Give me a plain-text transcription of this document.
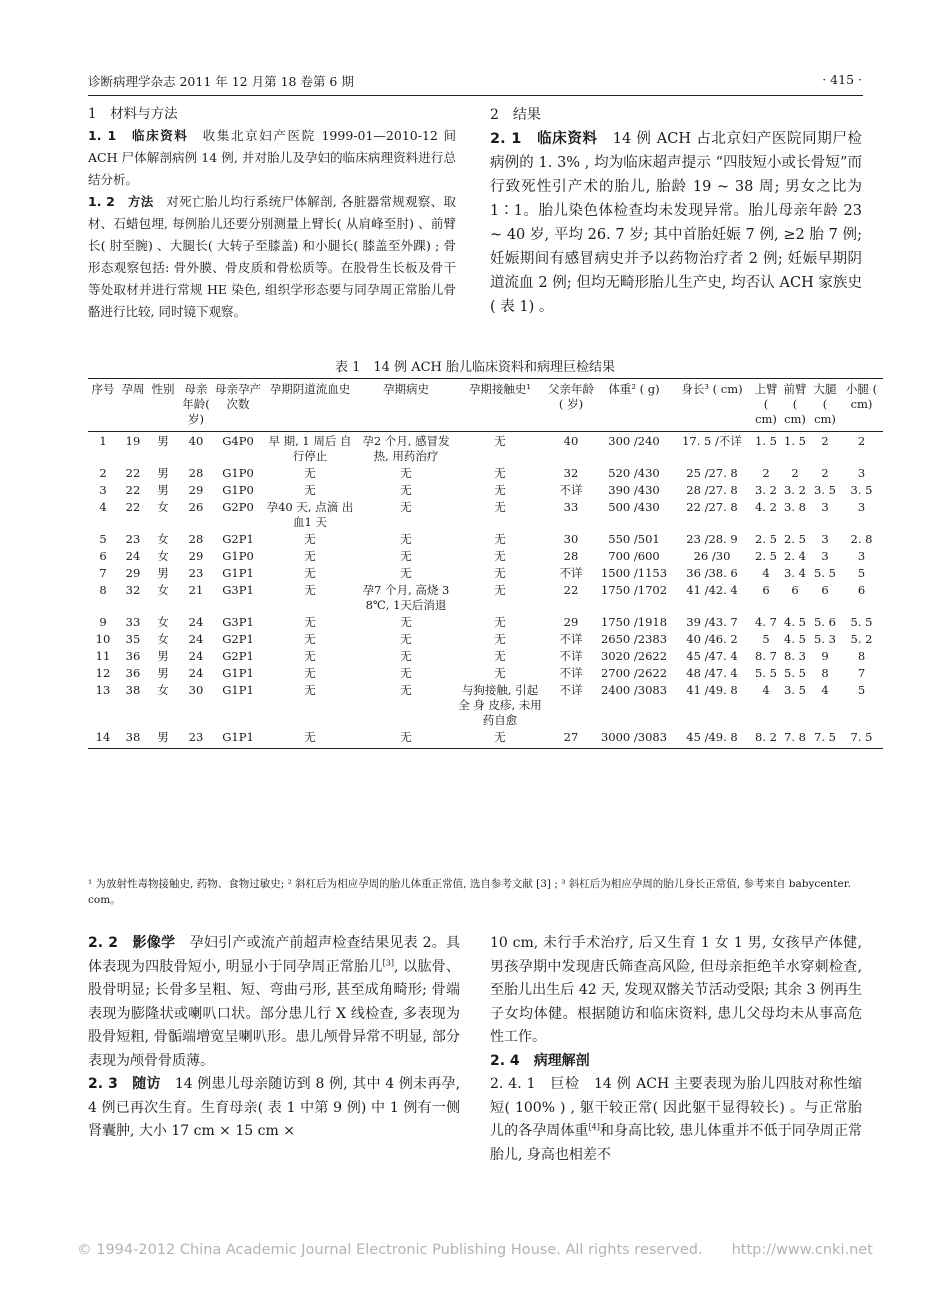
诊断病理学杂志 2011 年 12 月第 18 卷第 6 期	· 415 ·

1　材料与方法

1. 1　 临床资料　 收集北京妇产医院 1999-01—2010-12 间 ACH 尸体解剖病例 14 例, 并对胎儿及孕妇的临床病理资料进行总结分析。

1. 2　 方法　 对死亡胎儿均行系统尸体解剖, 各脏器常规观察、取材、石蜡包埋, 每例胎儿还要分别测量上臂长( 从肩峰至肘) 、前臂长( 肘至腕) 、大腿长( 大转子至膝盖) 和小腿长( 膝盖至外踝) ; 骨形态观察包括: 骨外膜、骨皮质和骨松质等。在股骨生长板及骨干等处取材并进行常规 HE 染色, 组织学形态要与同孕周正常胎儿骨骼进行比较, 同时镜下观察。

2　结果

2. 1　 临床资料　 14 例 ACH 占北京妇产医院同期尸检病例的 1. 3% , 均为临床超声提示 “四肢短小或长骨短”而行致死性引产术的胎儿, 胎龄 19 ~ 38 周; 男女之比为 1∶1。胎儿染色体检查均未发现异常。胎儿母亲年龄 23 ~ 40 岁, 平均 26. 7 岁; 其中首胎妊娠 7 例, ≥2 胎 7 例; 妊娠期间有感冒病史并予以药物治疗者 2 例; 妊娠早期阴道流血 2 例; 但均无畸形胎儿生产史, 均否认 ACH 家族史( 表 1) 。

表 1　14 例 ACH 胎儿临床资料和病理巨检结果
序号	孕周	性别	母亲年龄( 岁)	母亲孕产次数	孕期阴道流血史	孕期病史	孕期接触史¹	父亲年龄( 岁)	体重² ( g)	身长³ ( cm)	上臂 ( cm)	前臂 ( cm)	大腿 ( cm)	小腿 ( cm)
1	19	男	40	G4P0	早 期, 1 周后 自 行停止	孕2 个月, 感冒发热, 用药治疗	无	40	300 /240	17. 5 /不详	1. 5	1. 5	2	2
2	22	男	28	G1P0	无	无	无	32	520 /430	25 /27. 8	2	2	2	3
3	22	男	29	G1P0	无	无	无	不详	390 /430	28 /27. 8	3. 2	3. 2	3. 5	3. 5
4	22	女	26	G2P0	孕40 天, 点滴 出 血1 天	无	无	33	500 /430	22 /27. 8	4. 2	3. 8	3	3
5	23	女	28	G2P1	无	无	无	30	550 /501	23 /28. 9	2. 5	2. 5	3	2. 8
6	24	女	29	G1P0	无	无	无	28	700 /600	26 /30	2. 5	2. 4	3	3
7	29	男	23	G1P1	无	无	无	不详	1500 /1153	36 /38. 6	4	3. 4	5. 5	5
8	32	女	21	G3P1	无	孕7 个月, 高烧 38℃, 1天后消退	无	22	1750 /1702	41 /42. 4	6	6	6	6
9	33	女	24	G3P1	无	无	无	29	1750 /1918	39 /43. 7	4. 7	4. 5	5. 6	5. 5
10	35	女	24	G2P1	无	无	无	不详	2650 /2383	40 /46. 2	5	4. 5	5. 3	5. 2
11	36	男	24	G2P1	无	无	无	不详	3020 /2622	45 /47. 4	8. 7	8. 3	9	8
12	36	男	24	G1P1	无	无	无	不详	2700 /2622	48 /47. 4	5. 5	5. 5	8	7
13	38	女	30	G1P1	无	无	与狗接触, 引起 全 身 皮疹, 未用药自愈	不详	2400 /3083	41 /49. 8	4	3. 5	4	5
14	38	男	23	G1P1	无	无	无	27	3000 /3083	45 /49. 8	8. 2	7. 8	7. 5	7. 5
¹ 为放射性毒物接触史, 药物、食物过敏史; ² 斜杠后为相应孕周的胎儿体重正常值, 选自参考文献 [3] ; ³ 斜杠后为相应孕周的胎儿身长正常值, 参考来自 babycenter. com。

2. 2　 影像学　 孕妇引产或流产前超声检查结果见表 2。具体表现为四肢骨短小, 明显小于同孕周正常胎儿[3], 以肱骨、股骨明显; 长骨多呈粗、短、弯曲弓形, 甚至成角畸形; 骨端表现为膨隆状或喇叭口状。部分患儿行 X 线检查, 多表现为股骨短粗, 骨骺端增宽呈喇叭形。患儿颅骨异常不明显, 部分表现为颅骨骨质薄。

2. 3　 随访　 14 例患儿母亲随访到 8 例, 其中 4 例未再孕, 4 例已再次生育。生育母亲( 表 1 中第 9 例) 中 1 例有一侧肾囊肿, 大小 17 cm × 15 cm ×

10 cm, 未行手术治疗, 后又生育 1 女 1 男, 女孩早产体健, 男孩孕期中发现唐氏筛查高风险, 但母亲拒绝羊水穿刺检查, 至胎儿出生后 42 天, 发现双髂关节活动受限; 其余 3 例再生子女均体健。根据随访和临床资料, 患儿父母均未从事高危性工作。

2. 4　 病理解剖

2. 4. 1　 巨检　 14 例 ACH 主要表现为胎儿四肢对称性缩短( 100% ) , 躯干较正常( 因此躯干显得较长) 。与正常胎儿的各孕周体重[4]和身高比较, 患儿体重并不低于同孕周正常胎儿, 身高也相差不

© 1994-2012 China Academic Journal Electronic Publishing House. All rights reserved.　　http://www.cnki.net
